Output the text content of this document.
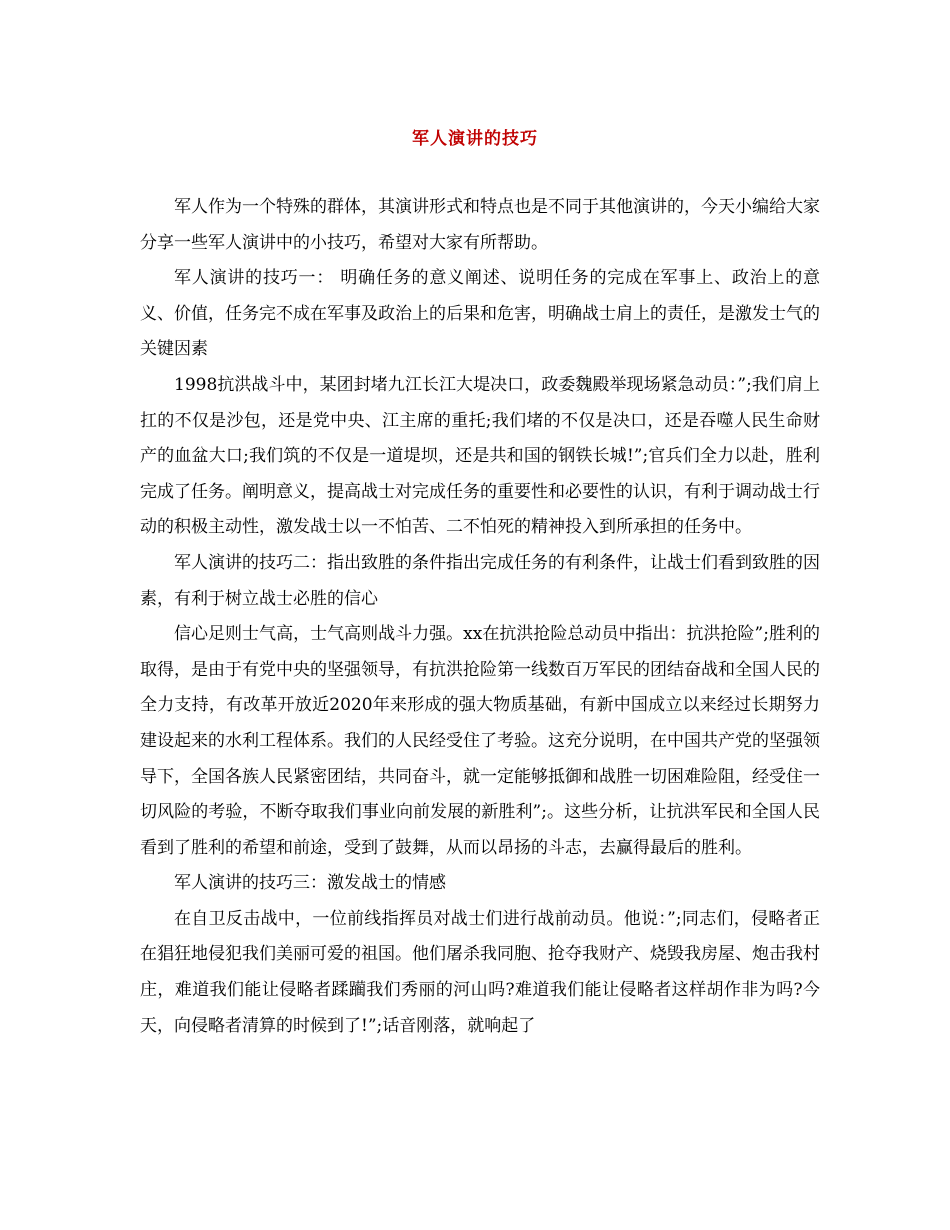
军人演讲的技巧

军人作为一个特殊的群体，其演讲形式和特点也是不同于其他演讲的，今天小编给大家分享一些军人演讲中的小技巧，希望对大家有所帮助。

军人演讲的技巧一： 明确任务的意义阐述、说明任务的完成在军事上、政治上的意义、价值，任务完不成在军事及政治上的后果和危害，明确战士肩上的责任，是激发士气的关键因素

1998抗洪战斗中，某团封堵九江长江大堤决口，政委魏殿举现场紧急动员：”;我们肩上扛的不仅是沙包，还是党中央、江主席的重托;我们堵的不仅是决口，还是吞噬人民生命财产的血盆大口;我们筑的不仅是一道堤坝，还是共和国的钢铁长城!”;官兵们全力以赴，胜利完成了任务。阐明意义，提高战士对完成任务的重要性和必要性的认识，有利于调动战士行动的积极主动性，激发战士以一不怕苦、二不怕死的精神投入到所承担的任务中。

军人演讲的技巧二：指出致胜的条件指出完成任务的有利条件，让战士们看到致胜的因素，有利于树立战士必胜的信心

信心足则士气高，士气高则战斗力强。xx在抗洪抢险总动员中指出：抗洪抢险”;胜利的取得，是由于有党中央的坚强领导，有抗洪抢险第一线数百万军民的团结奋战和全国人民的全力支持，有改革开放近2020年来形成的强大物质基础，有新中国成立以来经过长期努力建设起来的水利工程体系。我们的人民经受住了考验。这充分说明，在中国共产党的坚强领导下，全国各族人民紧密团结，共同奋斗，就一定能够抵御和战胜一切困难险阻，经受住一切风险的考验，不断夺取我们事业向前发展的新胜利”;。这些分析，让抗洪军民和全国人民看到了胜利的希望和前途，受到了鼓舞，从而以昂扬的斗志，去赢得最后的胜利。

军人演讲的技巧三：激发战士的情感

在自卫反击战中，一位前线指挥员对战士们进行战前动员。他说：”;同志们，侵略者正在猖狂地侵犯我们美丽可爱的祖国。他们屠杀我同胞、抢夺我财产、烧毁我房屋、炮击我村庄，难道我们能让侵略者蹂躏我们秀丽的河山吗?难道我们能让侵略者这样胡作非为吗?今天，向侵略者清算的时候到了!”;话音刚落，就响起了
